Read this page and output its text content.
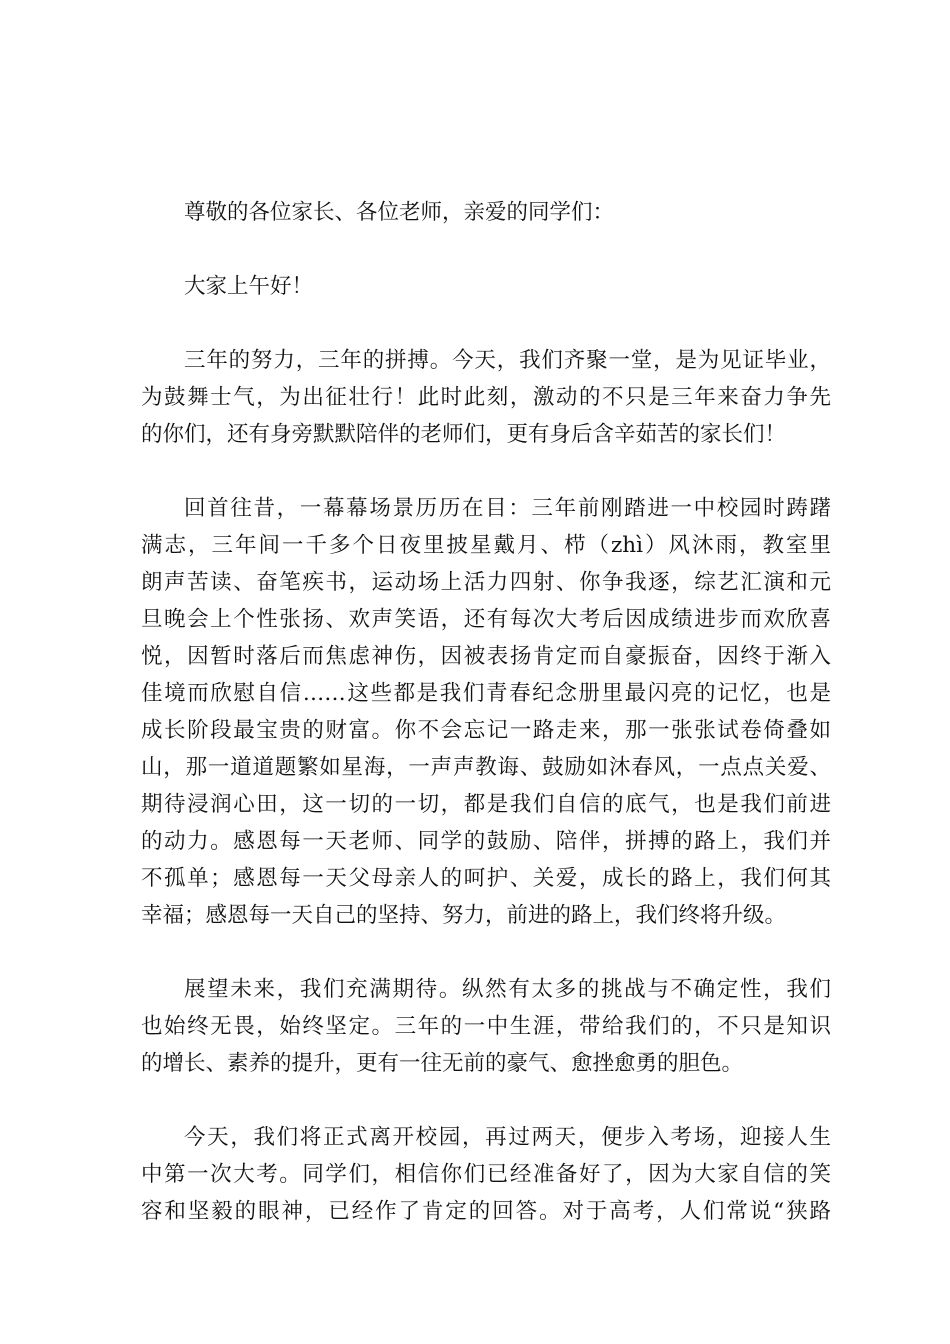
尊敬的各位家长、各位老师，亲爱的同学们：
大家上午好！
三年的努力，三年的拼搏。今天，我们齐聚一堂，是为见证毕业，
为鼓舞士气，为出征壮行！此时此刻，激动的不只是三年来奋力争先
的你们，还有身旁默默陪伴的老师们，更有身后含辛茹苦的家长们！
回首往昔，一幕幕场景历历在目：三年前刚踏进一中校园时踌躇
满志，三年间一千多个日夜里披星戴月、栉（zhì）风沐雨，教室里
朗声苦读、奋笔疾书，运动场上活力四射、你争我逐，综艺汇演和元
旦晚会上个性张扬、欢声笑语，还有每次大考后因成绩进步而欢欣喜
悦，因暂时落后而焦虑神伤，因被表扬肯定而自豪振奋，因终于渐入
佳境而欣慰自信……这些都是我们青春纪念册里最闪亮的记忆，也是
成长阶段最宝贵的财富。你不会忘记一路走来，那一张张试卷倚叠如
山，那一道道题繁如星海，一声声教诲、鼓励如沐春风，一点点关爱、
期待浸润心田，这一切的一切，都是我们自信的底气，也是我们前进
的动力。感恩每一天老师、同学的鼓励、陪伴，拼搏的路上，我们并
不孤单；感恩每一天父母亲人的呵护、关爱，成长的路上，我们何其
幸福；感恩每一天自己的坚持、努力，前进的路上，我们终将升级。
展望未来，我们充满期待。纵然有太多的挑战与不确定性，我们
也始终无畏，始终坚定。三年的一中生涯，带给我们的，不只是知识
的增长、素养的提升，更有一往无前的豪气、愈挫愈勇的胆色。
今天，我们将正式离开校园，再过两天，便步入考场，迎接人生
中第一次大考。同学们，相信你们已经准备好了，因为大家自信的笑
容和坚毅的眼神，已经作了肯定的回答。对于高考，人们常说“狭路
